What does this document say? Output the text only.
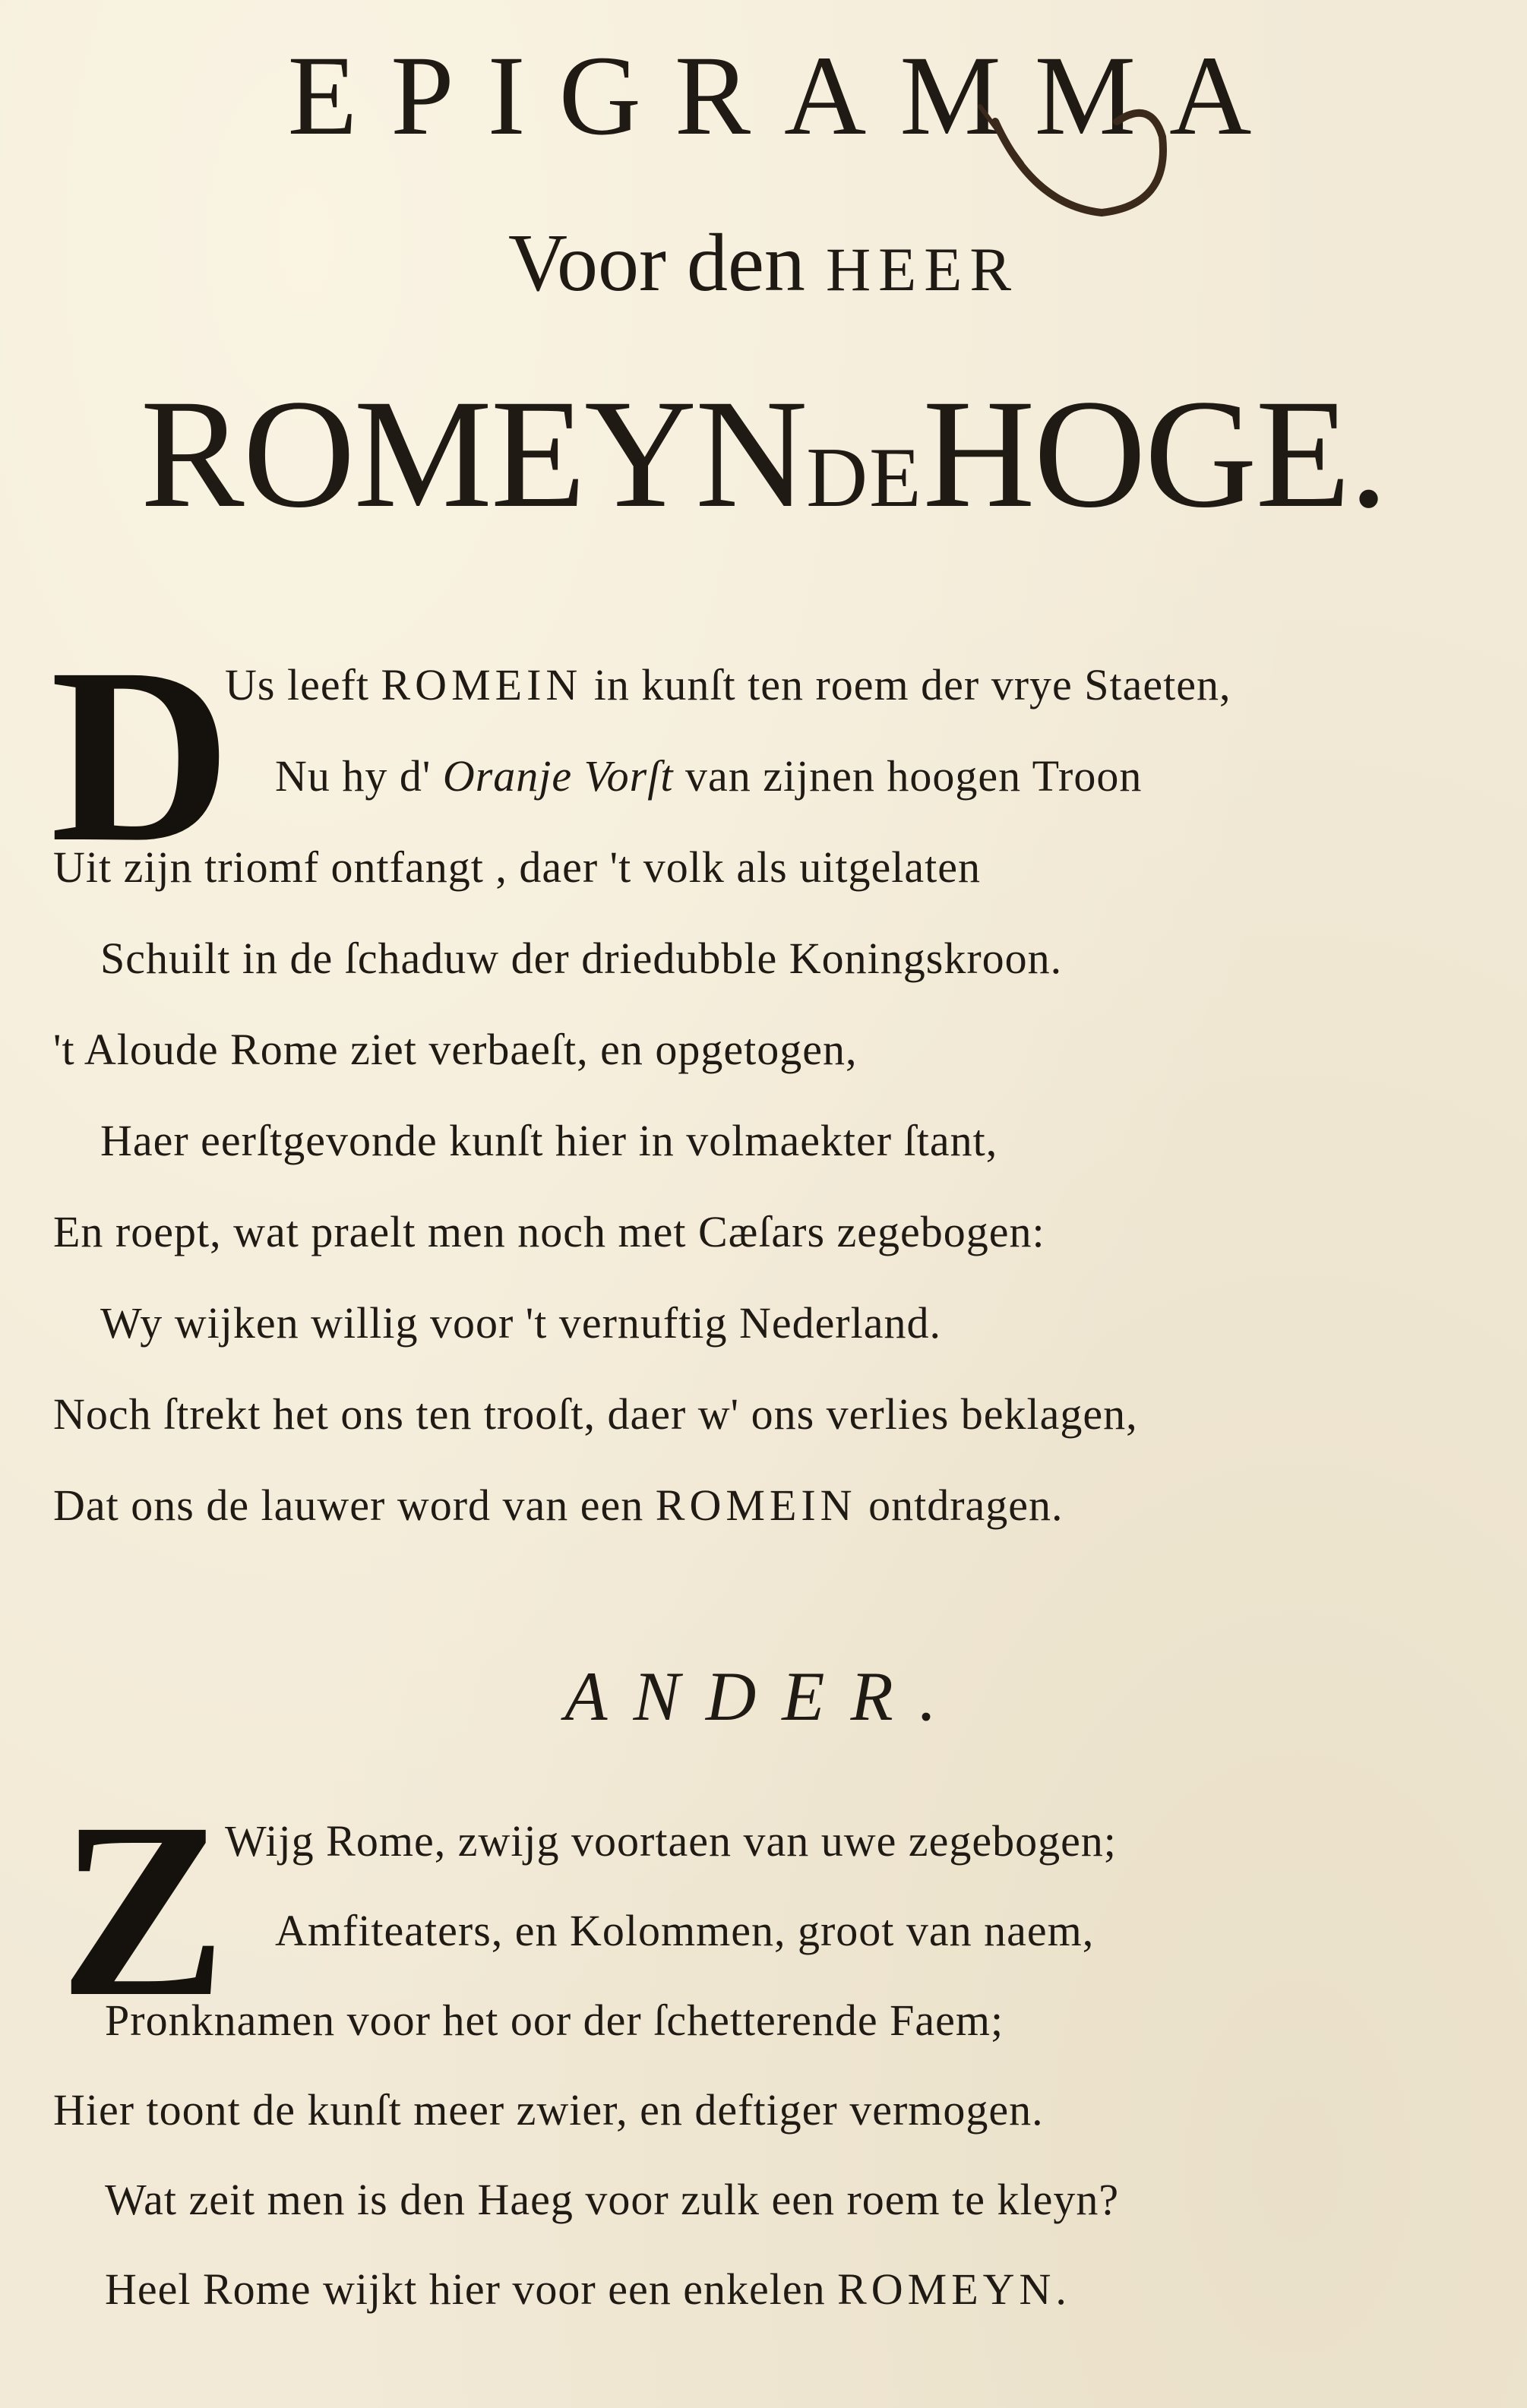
EPIGRAMMA
Voor den HEER
ROMEYNDEHOGE.
D
Us leeft ROMEIN in kunſt ten roem der vrye Staeten,
Nu hy d' Oranje Vorſt van zijnen hoogen Troon
Uit zijn triomf ontfangt , daer 't volk als uitgelaten
Schuilt in de ſchaduw der driedubble Koningskroon.
't Aloude Rome ziet verbaeſt, en opgetogen,
Haer eerſtgevonde kunſt hier in volmaekter ſtant,
En roept, wat praelt men noch met Cæſars zegebogen:
Wy wijken willig voor 't vernuftig Nederland.
Noch ſtrekt het ons ten trooſt, daer w' ons verlies beklagen,
Dat ons de lauwer word van een ROMEIN ontdragen.
ANDER.
Z
Wijg Rome, zwijg voortaen van uwe zegebogen;
Amfiteaters, en Kolommen, groot van naem,
Pronknamen voor het oor der ſchetterende Faem;
Hier toont de kunſt meer zwier, en deftiger vermogen.
Wat zeit men is den Haeg voor zulk een roem te kleyn?
Heel Rome wijkt hier voor een enkelen ROMEYN.
